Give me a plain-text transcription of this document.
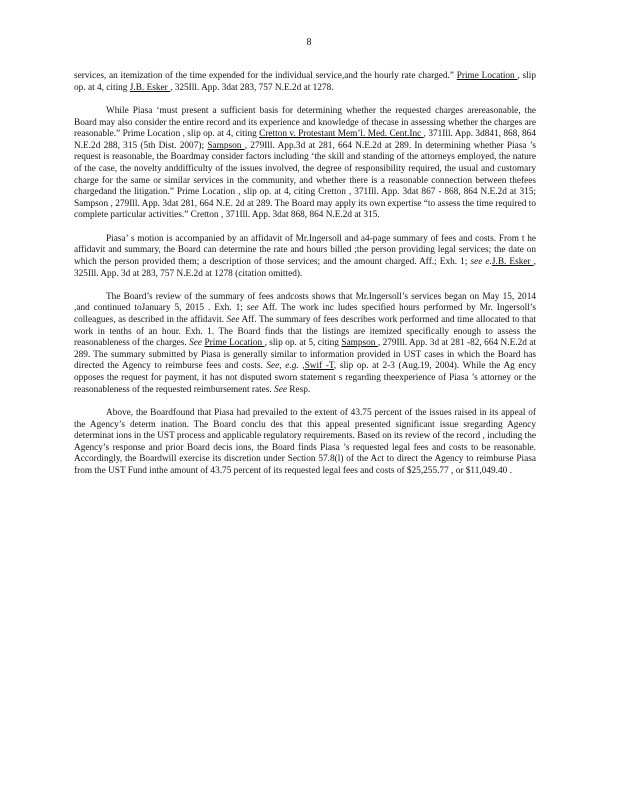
8

services, an itemization of the time expended for the individual service,and the hourly rate charged.” Prime Location , slip op. at 4, citing J.B. Esker , 325Ill. App. 3dat 283, 757 N.E.2d at 1278.

While Piasa ‘must present a sufficient basis for determining whether the requested charges arereasonable, the Board may also consider the entire record and its experience and knowledge of thecase in assessing whether the charges are reasonable.” Prime Location , slip op. at 4, citing Cretton v. Protestant Mem’l. Med. Cent.Inc , 371Ill. App. 3d841, 868, 864 N.E.2d 288, 315 (5th Dist. 2007); Sampson , 279Ill. App.3d at 281, 664 N.E.2d at 289. In determining whether Piasa ’s request is reasonable, the Boardmay consider factors including ‘the skill and standing of the attorneys employed, the nature of the case, the novelty anddifficulty of the issues involved, the degree of responsibility required, the usual and customary charge for the same or similar services in the community, and whether there is a reasonable connection between thefees chargedand the litigation.” Prime Location , slip op. at 4, citing Cretton , 371Ill. App. 3dat 867 - 868, 864 N.E.2d at 315; Sampson , 279Ill. App. 3dat 281, 664 N.E. 2d at 289. The Board may apply its own expertise “to assess the time required to complete particular activities.” Cretton , 371Ill. App. 3dat 868, 864 N.E.2d at 315.

Piasa’ s motion is accompanied by an affidavit of Mr.Ingersoll and a4-page summary of fees and costs. From t he affidavit and summary, the Board can determine the rate and hours billed ;the person providing legal services; the date on which the person provided them; a description of those services; and the amount charged. Aff.; Exh. 1; see e.J.B. Esker , 325Ill. App. 3d at 283, 757 N.E.2d at 1278 (citation omitted).

The Board’s review of the summary of fees andcosts shows that Mr.Ingersoll’s services began on May 15, 2014 ,and continued toJanuary 5, 2015 . Exh. 1; see Aff. The work inc ludes specified hours performed by Mr. Ingersoll’s colleagues, as described in the affidavit. See Aff. The summary of fees describes work performed and time allocated to that work in tenths of an hour. Exh. 1. The Board finds that the listings are itemized specifically enough to assess the reasonableness of the charges. See Prime Location , slip op. at 5, citing Sampson , 279Ill. App. 3d at 281 -82, 664 N.E.2d at 289. The summary submitted by Piasa is generally similar to information provided in UST cases in which the Board has directed the Agency to reimburse fees and costs. See, e.g. ,Swif -T, slip op. at 2-3 (Aug.19, 2004). While the Ag ency opposes the request for payment, it has not disputed sworn statement s regarding theexperience of Piasa ’s attorney or the reasonableness of the requested reimbursement rates. See Resp.

Above, the Boardfound that Piasa had prevailed to the extent of 43.75 percent of the issues raised in its appeal of the Agency’s determ ination. The Board conclu des that this appeal presented significant issue sregarding Agency determinat ions in the UST process and applicable regulatory requirements. Based on its review of the record , including the Agency’s response and prior Board decis ions, the Board finds Piasa ’s requested legal fees and costs to be reasonable. Accordingly, the Boardwill exercise its discretion under Section 57.8(l) of the Act to direct the Agency to reimburse Piasa from the UST Fund inthe amount of 43.75 percent of its requested legal fees and costs of $25,255.77 , or $11,049.40 .
